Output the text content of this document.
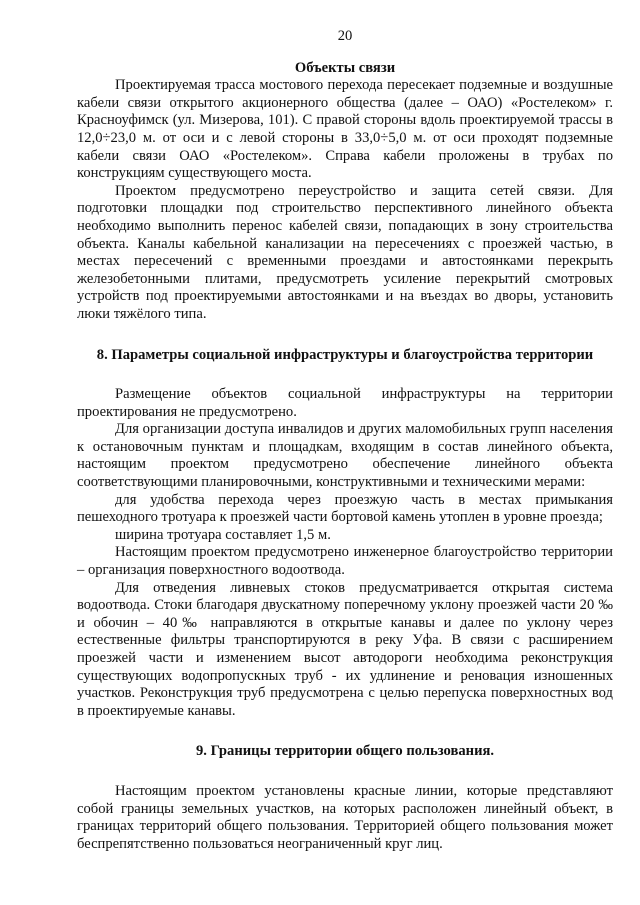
20
Объекты связи

Проектируемая трасса мостового перехода пересекает подземные и воздушные кабели связи открытого акционерного общества (далее – ОАО) «Ростелеком» г. Красноуфимск (ул. Мизерова, 101). С правой стороны вдоль проектируемой трассы в 12,0÷23,0 м. от оси и с левой стороны в 33,0÷5,0 м. от оси проходят подземные кабели связи ОАО «Ростелеком». Справа кабели проложены в трубах по конструкциям существующего моста.

Проектом предусмотрено переустройство и защита сетей связи. Для подготовки площадки под строительство перспективного линейного объекта необходимо выполнить перенос кабелей связи, попадающих в зону строительства объекта. Каналы кабельной канализации на пересечениях с проезжей частью, в местах пересечений с временными проездами и автостоянками перекрыть железобетонными плитами, предусмотреть усиление перекрытий смотровых устройств под проектируемыми автостоянками и на въездах во дворы, установить люки тяжёлого типа.

8. Параметры социальной инфраструктуры и благоустройства территории

Размещение объектов социальной инфраструктуры на территории проектирования не предусмотрено.

Для организации доступа инвалидов и других маломобильных групп населения к остановочным пунктам и площадкам, входящим в состав линейного объекта, настоящим проектом предусмотрено обеспечение линейного объекта соответствующими планировочными, конструктивными и техническими мерами:

для удобства перехода через проезжую часть в местах примыкания пешеходного тротуара к проезжей части бортовой камень утоплен в уровне проезда;

ширина тротуара составляет 1,5 м.

Настоящим проектом предусмотрено инженерное благоустройство территории – организация поверхностного водоотвода.

Для отведения ливневых стоков предусматривается открытая система водоотвода. Стоки благодаря двускатному поперечному уклону проезжей части 20 ‰ и обочин – 40‰ направляются в открытые канавы и далее по уклону через естественные фильтры транспортируются в реку Уфа. В связи с расширением проезжей части и изменением высот автодороги необходима реконструкция существующих водопропускных труб - их удлинение и реновация изношенных участков. Реконструкция труб предусмотрена с целью перепуска поверхностных вод в проектируемые канавы.

9. Границы территории общего пользования.

Настоящим проектом установлены красные линии, которые представляют собой границы земельных участков, на которых расположен линейный объект, в границах территорий общего пользования. Территорией общего пользования может беспрепятственно пользоваться неограниченный круг лиц.
